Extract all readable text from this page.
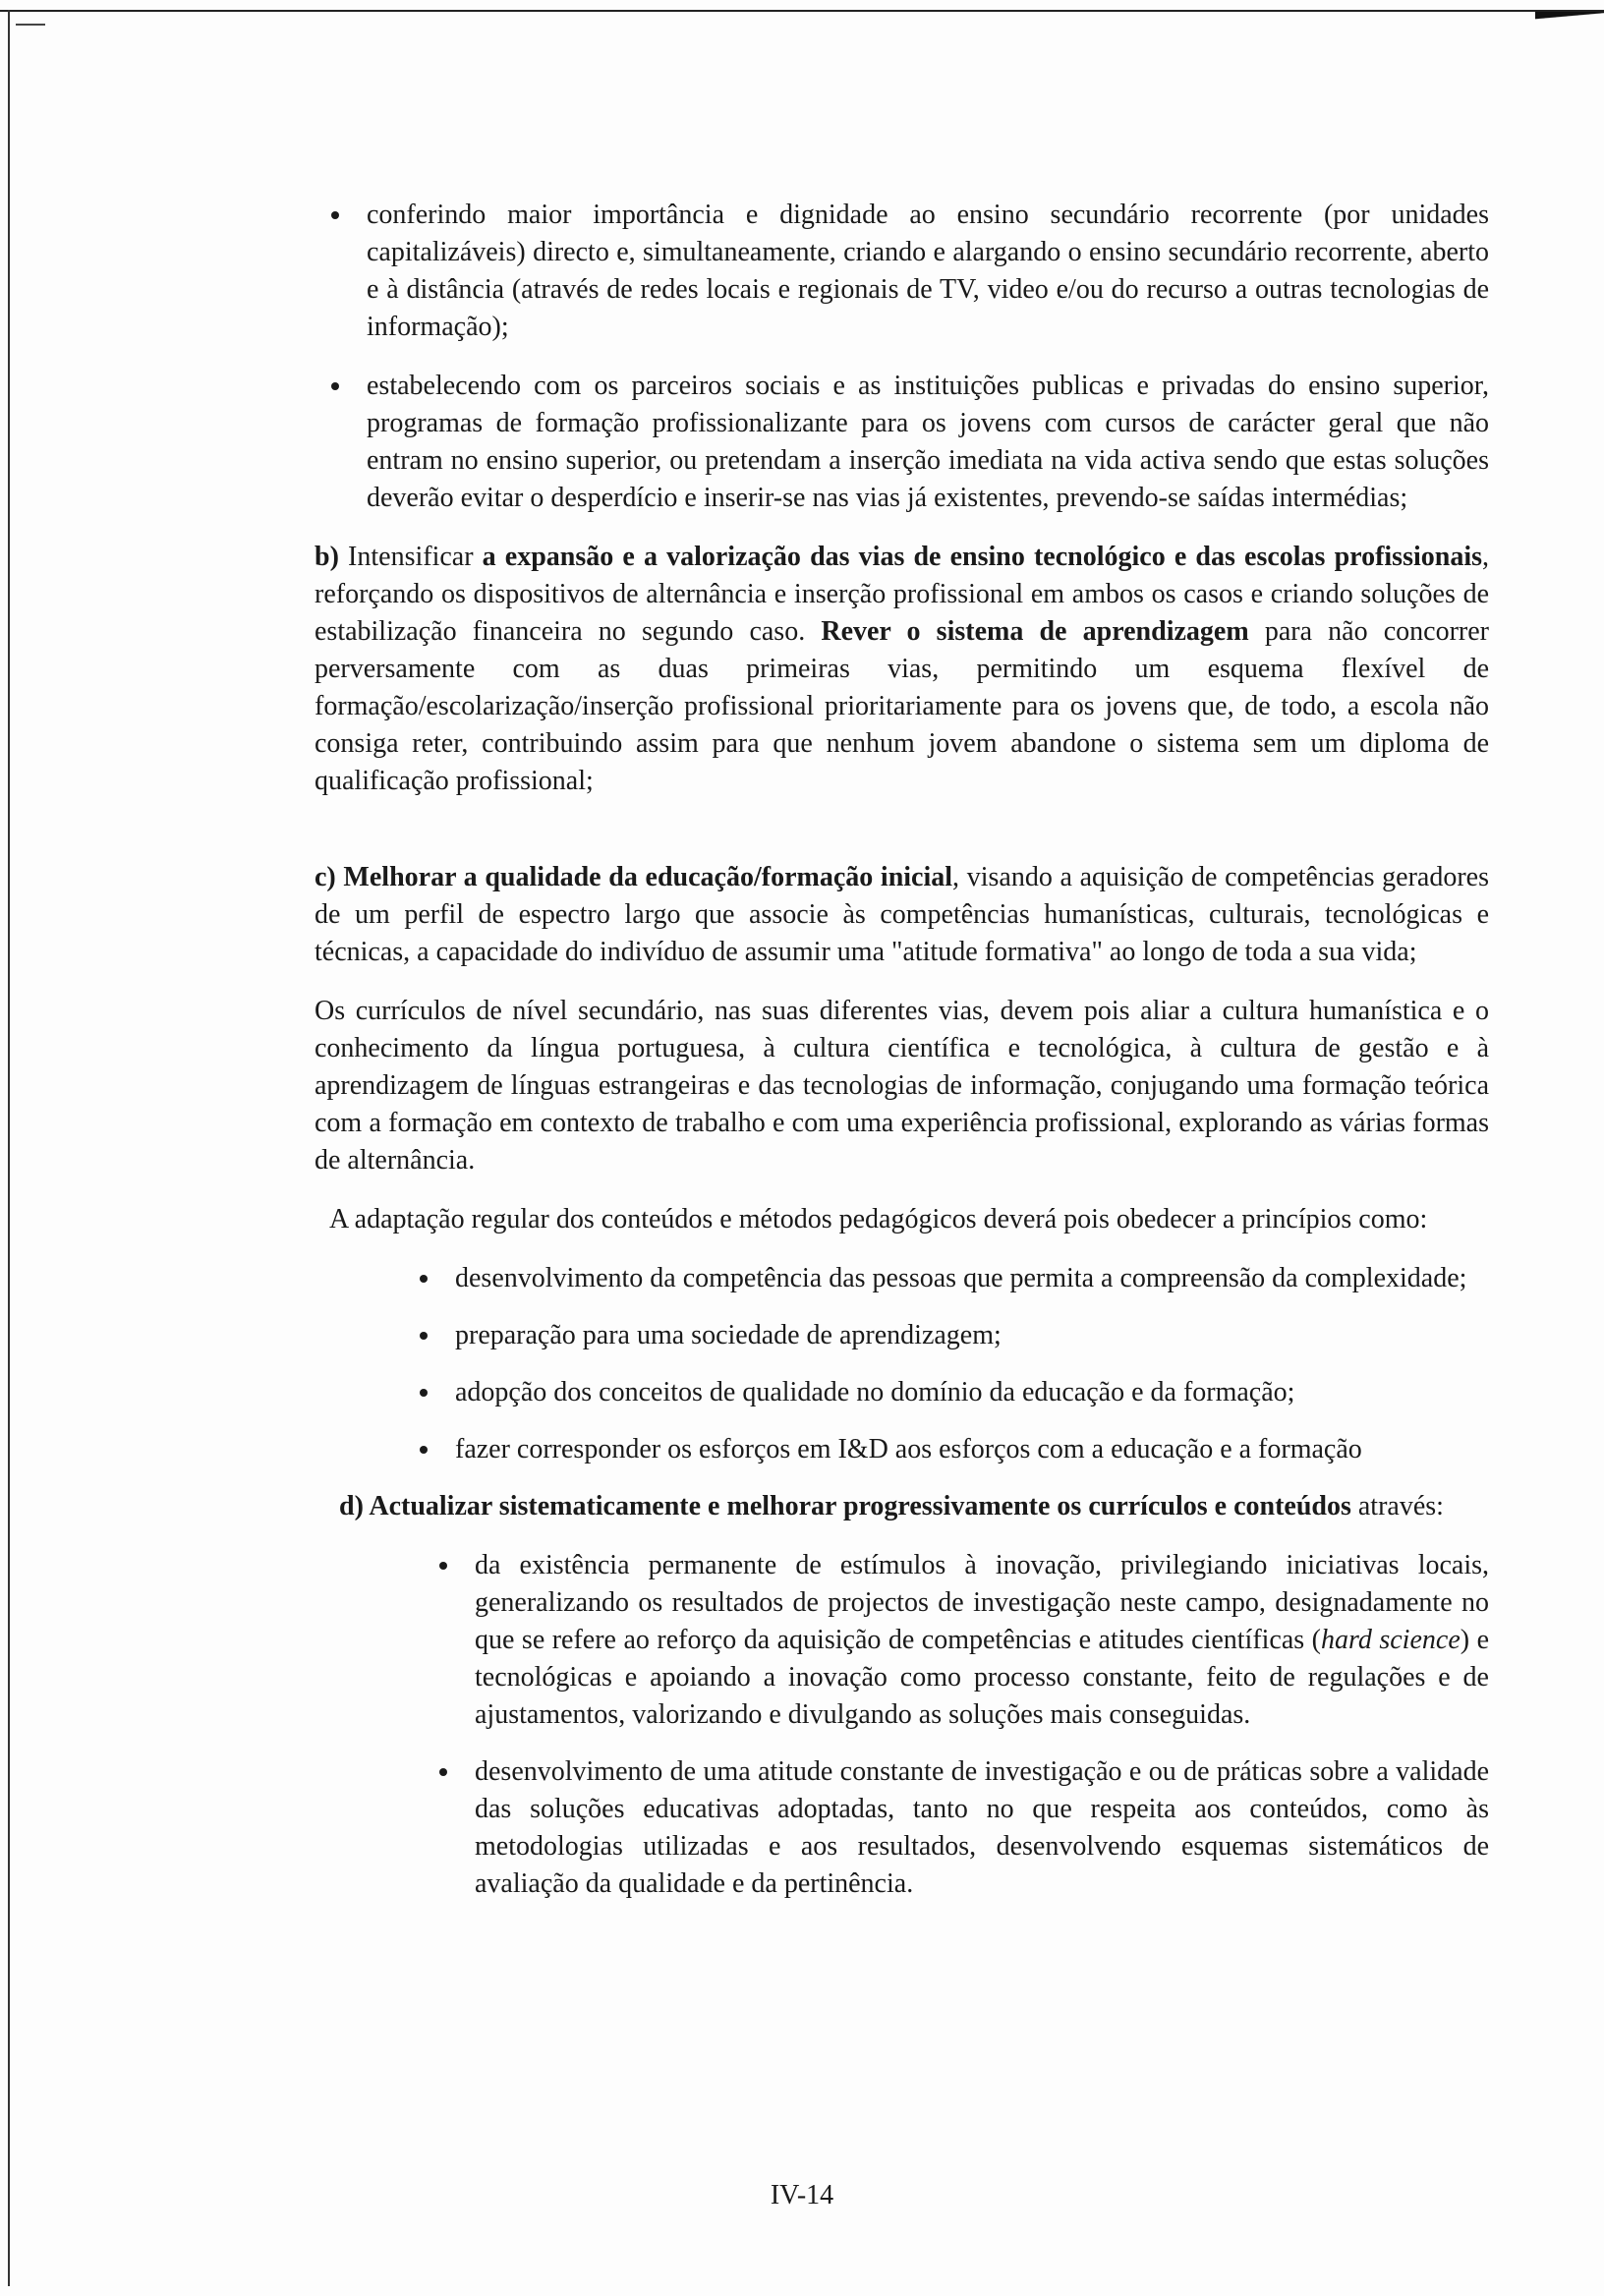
conferindo maior importância e dignidade ao ensino secundário recorrente (por unidades capitalizáveis) directo e, simultaneamente, criando e alargando o ensino secundário recorrente, aberto e à distância (através de redes locais e regionais de TV, video e/ou do recurso a outras tecnologias de informação);
estabelecendo com os parceiros sociais e as instituições publicas e privadas do ensino superior, programas de formação profissionalizante para os jovens com cursos de carácter geral que não entram no ensino superior, ou pretendam a inserção imediata na vida activa sendo que estas soluções deverão evitar o desperdício e inserir-se nas vias já existentes, prevendo-se saídas intermédias;

b) Intensificar a expansão e a valorização das vias de ensino tecnológico e das escolas profissionais, reforçando os dispositivos de alternância e inserção profissional em ambos os casos e criando soluções de estabilização financeira no segundo caso. Rever o sistema de aprendizagem para não concorrer perversamente com as duas primeiras vias, permitindo um esquema flexível de formação/escolarização/inserção profissional prioritariamente para os jovens que, de todo, a escola não consiga reter, contribuindo assim para que nenhum jovem abandone o sistema sem um diploma de qualificação profissional;

c) Melhorar a qualidade da educação/formação inicial, visando a aquisição de competências geradores de um perfil de espectro largo que associe às competências humanísticas, culturais, tecnológicas e técnicas, a capacidade do indivíduo de assumir uma "atitude formativa" ao longo de toda a sua vida;

Os currículos de nível secundário, nas suas diferentes vias, devem pois aliar a cultura humanística e o conhecimento da língua portuguesa, à cultura científica e tecnológica, à cultura de gestão e à aprendizagem de línguas estrangeiras e das tecnologias de informação, conjugando uma formação teórica com a formação em contexto de trabalho e com uma experiência profissional, explorando as várias formas de alternância.

A adaptação regular dos conteúdos e métodos pedagógicos deverá pois obedecer a princípios como:

desenvolvimento da competência das pessoas que permita a compreensão da complexidade;
preparação para uma sociedade de aprendizagem;
adopção dos conceitos de qualidade no domínio da educação e da formação;
fazer corresponder os esforços em I&D aos esforços com a educação e a formação

d) Actualizar sistematicamente e melhorar progressivamente os currículos e conteúdos através:

da existência permanente de estímulos à inovação, privilegiando iniciativas locais, generalizando os resultados de projectos de investigação neste campo, designadamente no que se refere ao reforço da aquisição de competências e atitudes científicas (hard science) e tecnológicas e apoiando a inovação como processo constante, feito de regulações e de ajustamentos, valorizando e divulgando as soluções mais conseguidas.
desenvolvimento de uma atitude constante de investigação e ou de práticas sobre a validade das soluções educativas adoptadas, tanto no que respeita aos conteúdos, como às metodologias utilizadas e aos resultados, desenvolvendo esquemas sistemáticos de avaliação da qualidade e da pertinência.
IV-14
